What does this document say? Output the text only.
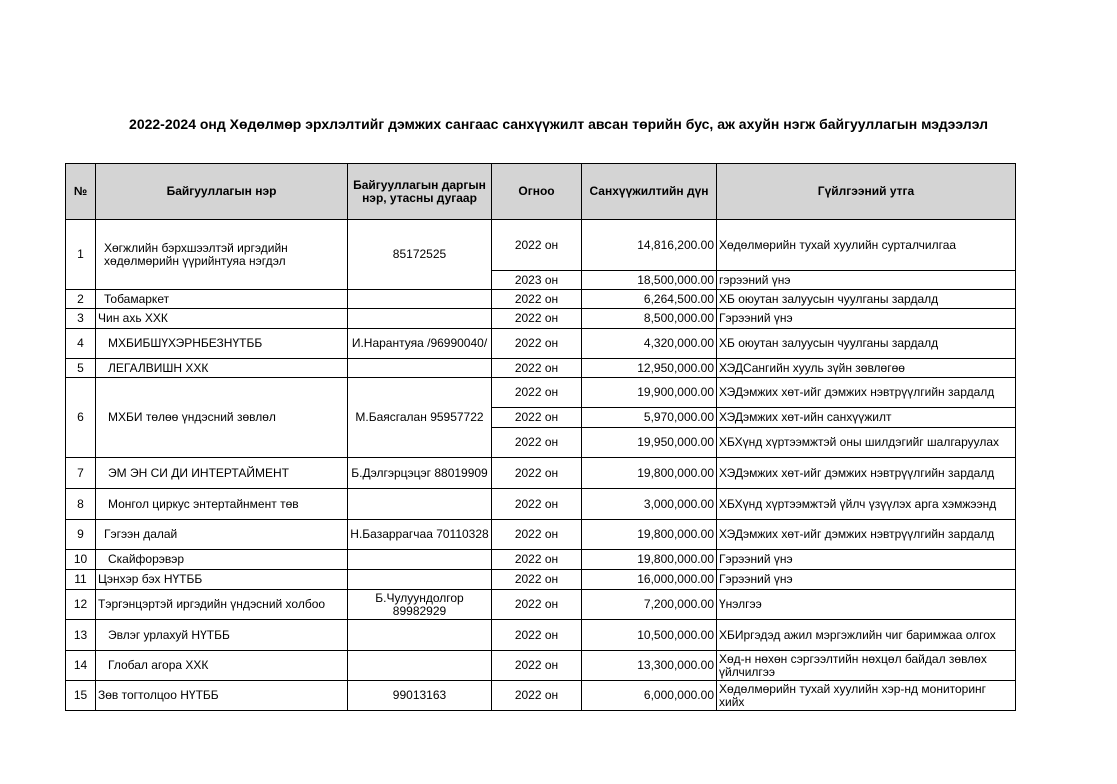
2022-2024 онд Хөдөлмөр эрхлэлтийг дэмжих сангаас санхүүжилт авсан төрийн бус, аж ахуйн нэгж байгууллагын мэдээлэл
№	Байгууллагын нэр	Байгууллагын даргын нэр, утасны дугаар	Огноо	Санхүүжилтийн дүн	Гүйлгээний утга
1	Хөгжлийн бэрхшээлтэй иргэдийн хөдөлмөрийн үүрийнтуяа нэгдэл	85172525	2022 он	14,816,200.00	Хөдөлмөрийн тухай хуулийн сурталчилгаа
			2023 он	18,500,000.00	гэрээний үнэ
2	Тобамаркет		2022 он	6,264,500.00	ХБ оюутан залуусын чуулганы зардалд
3	Чин ахь ХХК		2022 он	8,500,000.00	Гэрээний үнэ
4	МХБИБШҮХЭРНБЕЗНҮТББ	И.Нарантуяа /96990040/	2022 он	4,320,000.00	ХБ оюутан залуусын чуулганы зардалд
5	ЛЕГАЛВИШН ХХК		2022 он	12,950,000.00	ХЭДСангийн хууль зүйн зөвлөгөө
6	МХБИ төлөө үндэсний зөвлөл	М.Баясгалан 95957722	2022 он	19,900,000.00	ХЭДэмжих хөт-ийг дэмжих нэвтрүүлгийн зардалд
			2022 он	5,970,000.00	ХЭДэмжих хөт-ийн санхүүжилт
			2022 он	19,950,000.00	ХБХүнд хүртээмжтэй оны шилдэгийг шалгаруулах
7	ЭМ ЭН СИ ДИ ИНТЕРТАЙМЕНТ	Б.Дэлгэрцэцэг 88019909	2022 он	19,800,000.00	ХЭДэмжих хөт-ийг дэмжих нэвтрүүлгийн зардалд
8	Монгол циркус энтертайнмент төв		2022 он	3,000,000.00	ХБХүнд хүртээмжтэй үйлч үзүүлэх арга хэмжээнд
9	Гэгээн далай	Н.Базаррагчаа 70110328	2022 он	19,800,000.00	ХЭДэмжих хөт-ийг дэмжих нэвтрүүлгийн зардалд
10	Скайфорэвэр		2022 он	19,800,000.00	Гэрээний үнэ
11	Цэнхэр бэх НҮТББ		2022 он	16,000,000.00	Гэрээний үнэ
12	Тэргэнцэртэй иргэдийн үндэсний холбоо	Б.Чулуундолгор 89982929	2022 он	7,200,000.00	Үнэлгээ
13	Эвлэг урлахуй НҮТББ		2022 он	10,500,000.00	ХБИргэдэд ажил мэргэжлийн чиг баримжаа олгох
14	Глобал агора ХХК		2022 он	13,300,000.00	Хөд-н нөхөн сэргээлтийн нөхцөл байдал зөвлөх үйлчилгээ
15	Зөв тогтолцоо НҮТББ	99013163	2022 он	6,000,000.00	Хөдөлмөрийн тухай хуулийн хэр-нд мониторинг хийх
